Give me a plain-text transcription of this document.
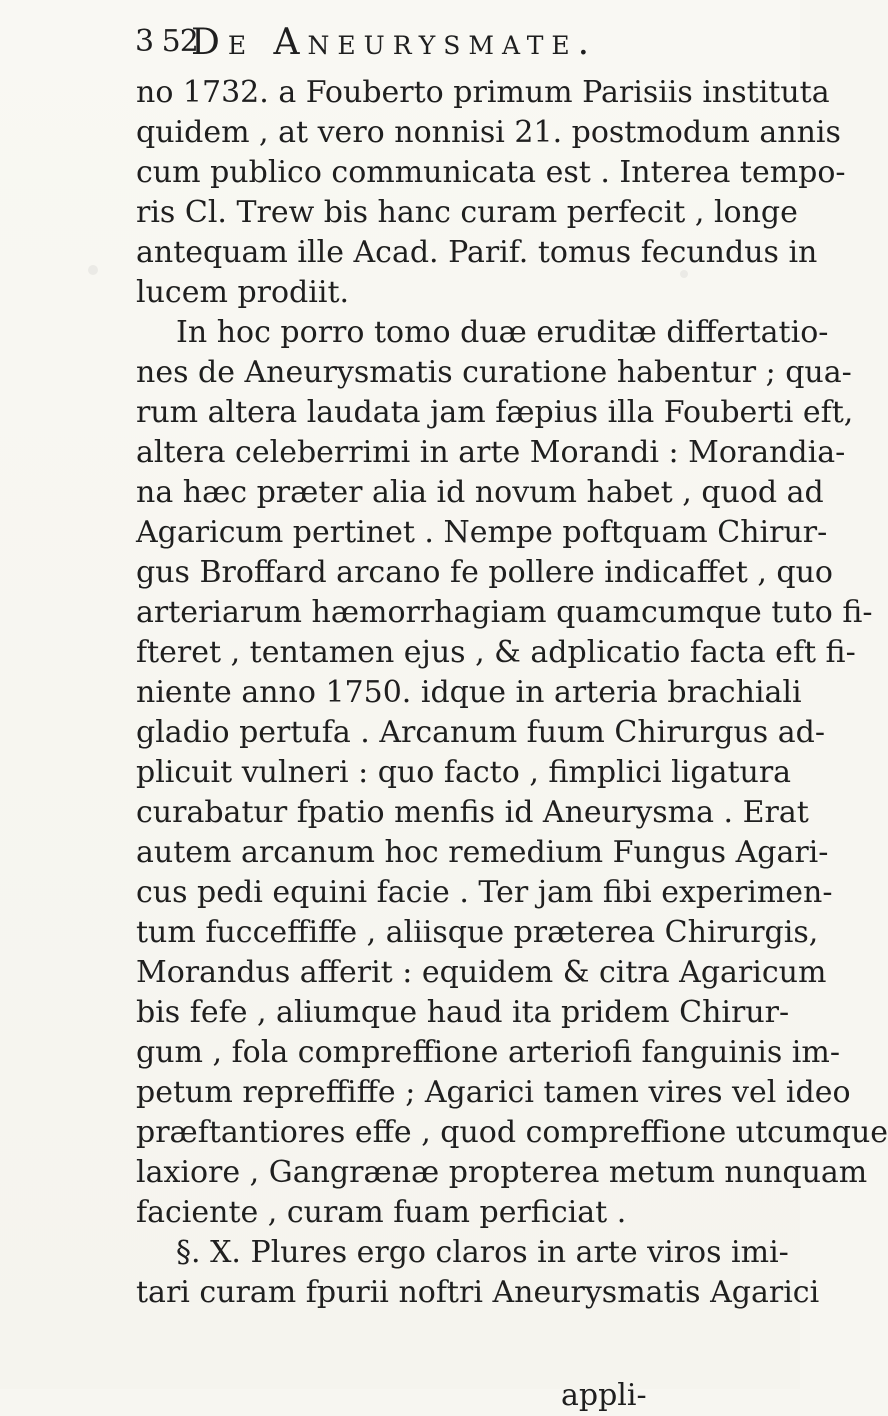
3 52
De Aneurysmate.
no 1732. a Fouberto primum Parisiis institutа
quidem , at vero nonnisi 21. postmodum annis
cum publico communicata est . Interea tempo-
ris Cl. Trew bis hanc curam perfecit , longe
antequam ille Acad. Parif. tomus fecundus in
lucem prodiit.
In hoc porro tomo duæ eruditæ differtatio-
nes de Aneurysmatis curatione habentur ; qua-
rum altera laudata jam fæpius illa Fouberti eft,
altera celeberrimi in arte Morandi : Morandia-
na hæc præter alia id novum habet , quod ad
Agaricum pertinet . Nempe poftquam Chirur-
gus Broffard arcano fe pollere indicaffet , quo
arteriarum hæmorrhagiam quamcumque tuto fi-
fteret , tentamen ejus , & adplicatio facta eft fi-
niente anno 1750. idque in arteria brachiali
gladio pertufa . Arcanum fuum Chirurgus ad-
plicuit vulneri : quo facto , fimplici ligatura
curabatur fpatio menfis id Aneurysma . Erat
autem arcanum hoc remedium Fungus Agari-
cus pedi equini facie . Ter jam fibi experimen-
tum fucceffiffe , aliisque præterea Chirurgis,
Morandus afferit : equidem & citra Agaricum
bis fefe , aliumque haud ita pridem Chirur-
gum , fola compreffione arteriofi fanguinis im-
petum repreffiffe ; Agarici tamen vires vel ideo
præftantiores effe , quod compreffione utcumque
laxiore , Gangrænæ propterea metum nunquam
faciente , curam fuam perficiat .
§. X. Plures ergo claros in arte viros imi-
tari curam fpurii noftri Aneurysmatis Agarici
appli-
